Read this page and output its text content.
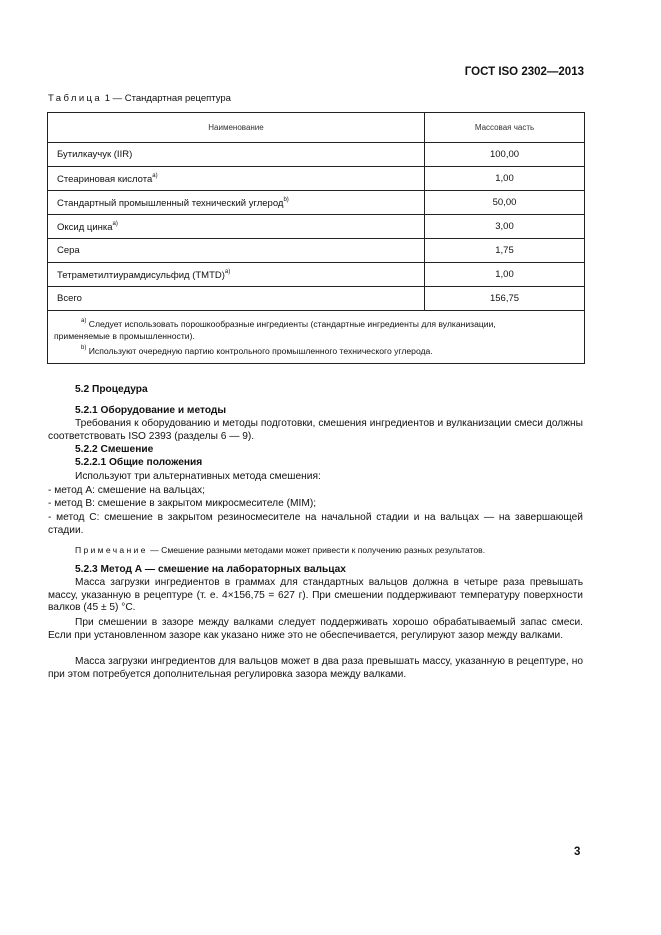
ГОСТ ISO 2302—2013
Таблица 1 — Стандартная рецептура
Наименование	Массовая часть
Бутилкаучук (IIR)	100,00
Стеариновая кислота$^{a)}$	1,00
Стандартный промышленный технический углерод$^{b)}$	50,00
Оксид цинка$^{a)}$	3,00
Сера	1,75
Тетраметилтиурамдисульфид (TMTD)$^{a)}$	1,00
Всего	156,75

$^{a)}$ Следует использовать порошкообразные ингредиенты (стандартные ингредиенты для вулканизации,
применяемые в промышленности).
$^{b)}$ Используют очередную партию контрольного промышленного технического углерода.	
5.2 Процедура
5.2.1 Оборудование и методы
Требования к оборудованию и методы подготовки, смешения ингредиентов и вулканизации смеси должны соответствовать ISO 2393 (разделы 6 — 9).
5.2.2 Смешение
5.2.2.1 Общие положения
Используют три альтернативных метода смешения:
- метод А: смешение на вальцах;
- метод В: смешение в закрытом микросмесителе (MIM);
- метод С: смешение в закрытом резиносмесителе на начальной стадии и на вальцах — на завершающей стадии.
Примечание — Смешение разными методами может привести к получению разных результатов.
5.2.3 Метод А — смешение на лабораторных вальцах
Масса загрузки ингредиентов в граммах для стандартных вальцов должна в четыре раза превышать массу, указанную в рецептуре (т. е. 4×156,75 = 627 г). При смешении поддерживают температуру поверхности валков (45 ± 5) °С.
При смешении в зазоре между валками следует поддерживать хорошо обрабатываемый запас смеси. Если при установленном зазоре как указано ниже это не обеспечивается, регулируют зазор между валками.
Масса загрузки ингредиентов для вальцов может в два раза превышать массу, указанную в рецептуре, но при этом потребуется дополнительная регулировка зазора между валками.
3
